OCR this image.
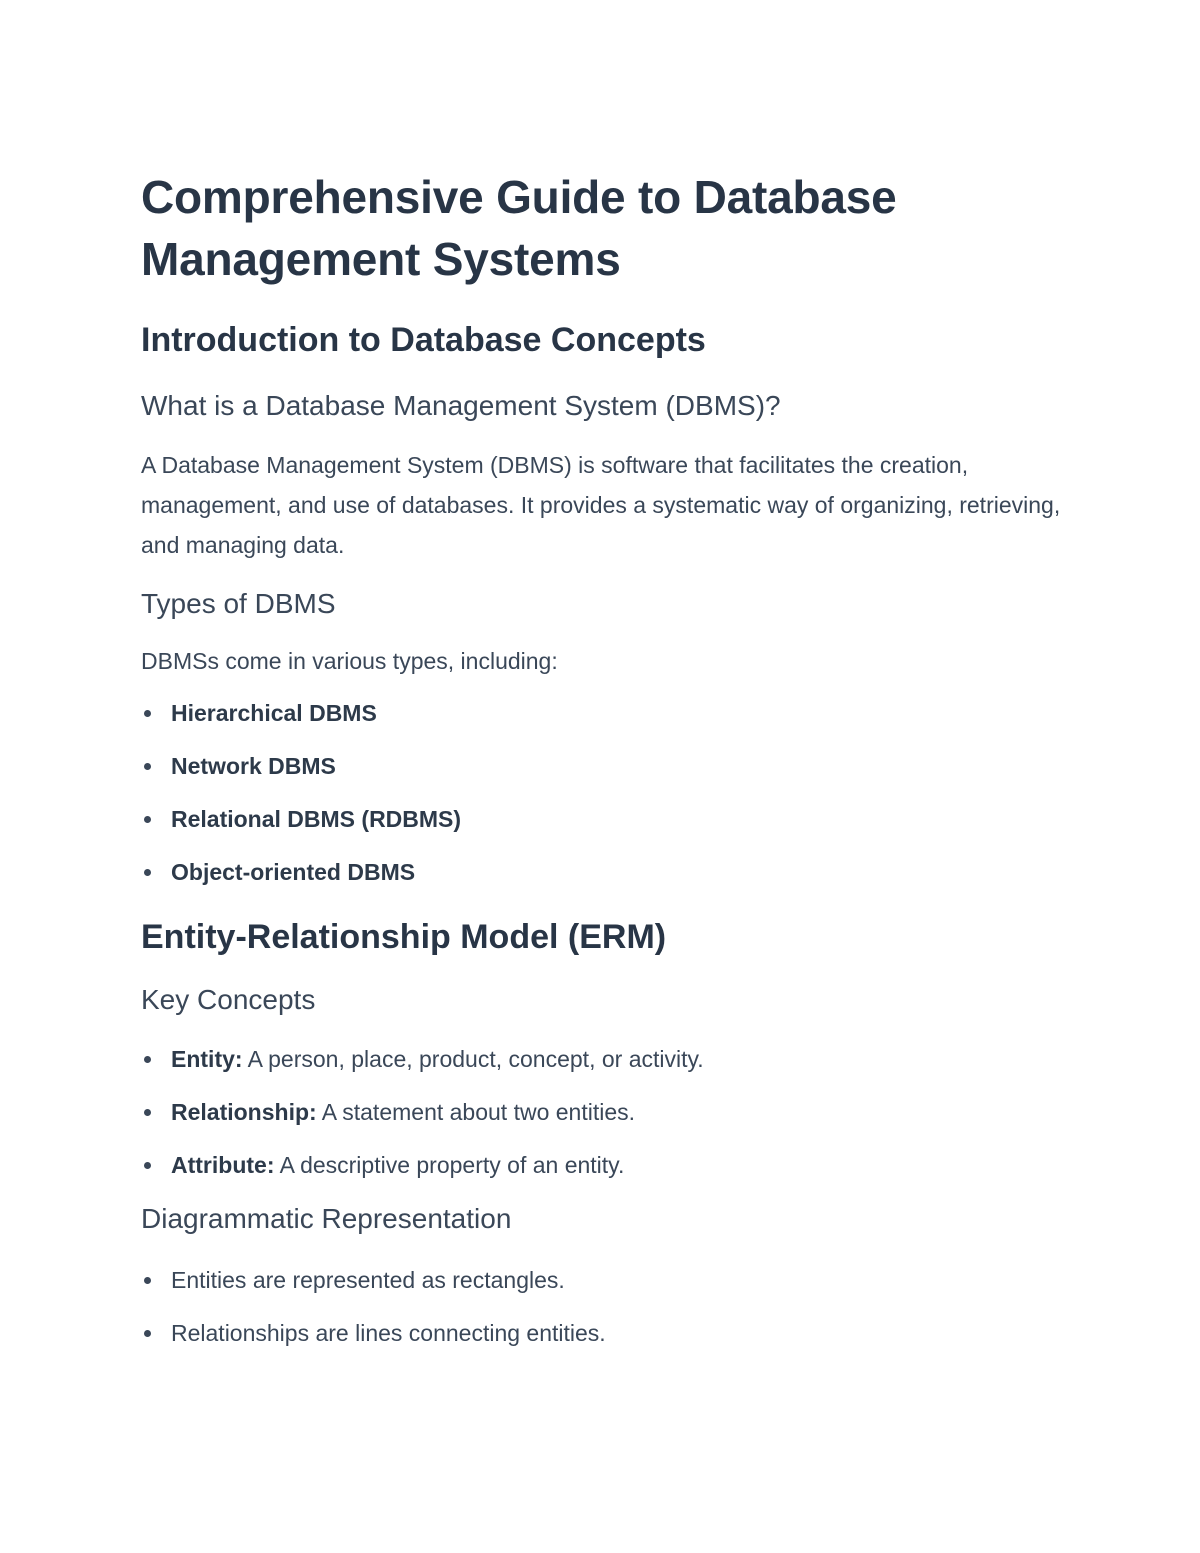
Comprehensive Guide to Database Management Systems
Introduction to Database Concepts
What is a Database Management System (DBMS)?

A Database Management System (DBMS) is software that facilitates the creation, management, and use of databases. It provides a systematic way of organizing, retrieving, and managing data.

Types of DBMS

DBMSs come in various types, including:

Hierarchical DBMS
Network DBMS
Relational DBMS (RDBMS)
Object-oriented DBMS
Entity-Relationship Model (ERM)
Key Concepts
Entity: A person, place, product, concept, or activity.
Relationship: A statement about two entities.
Attribute: A descriptive property of an entity.
Diagrammatic Representation
Entities are represented as rectangles.
Relationships are lines connecting entities.
